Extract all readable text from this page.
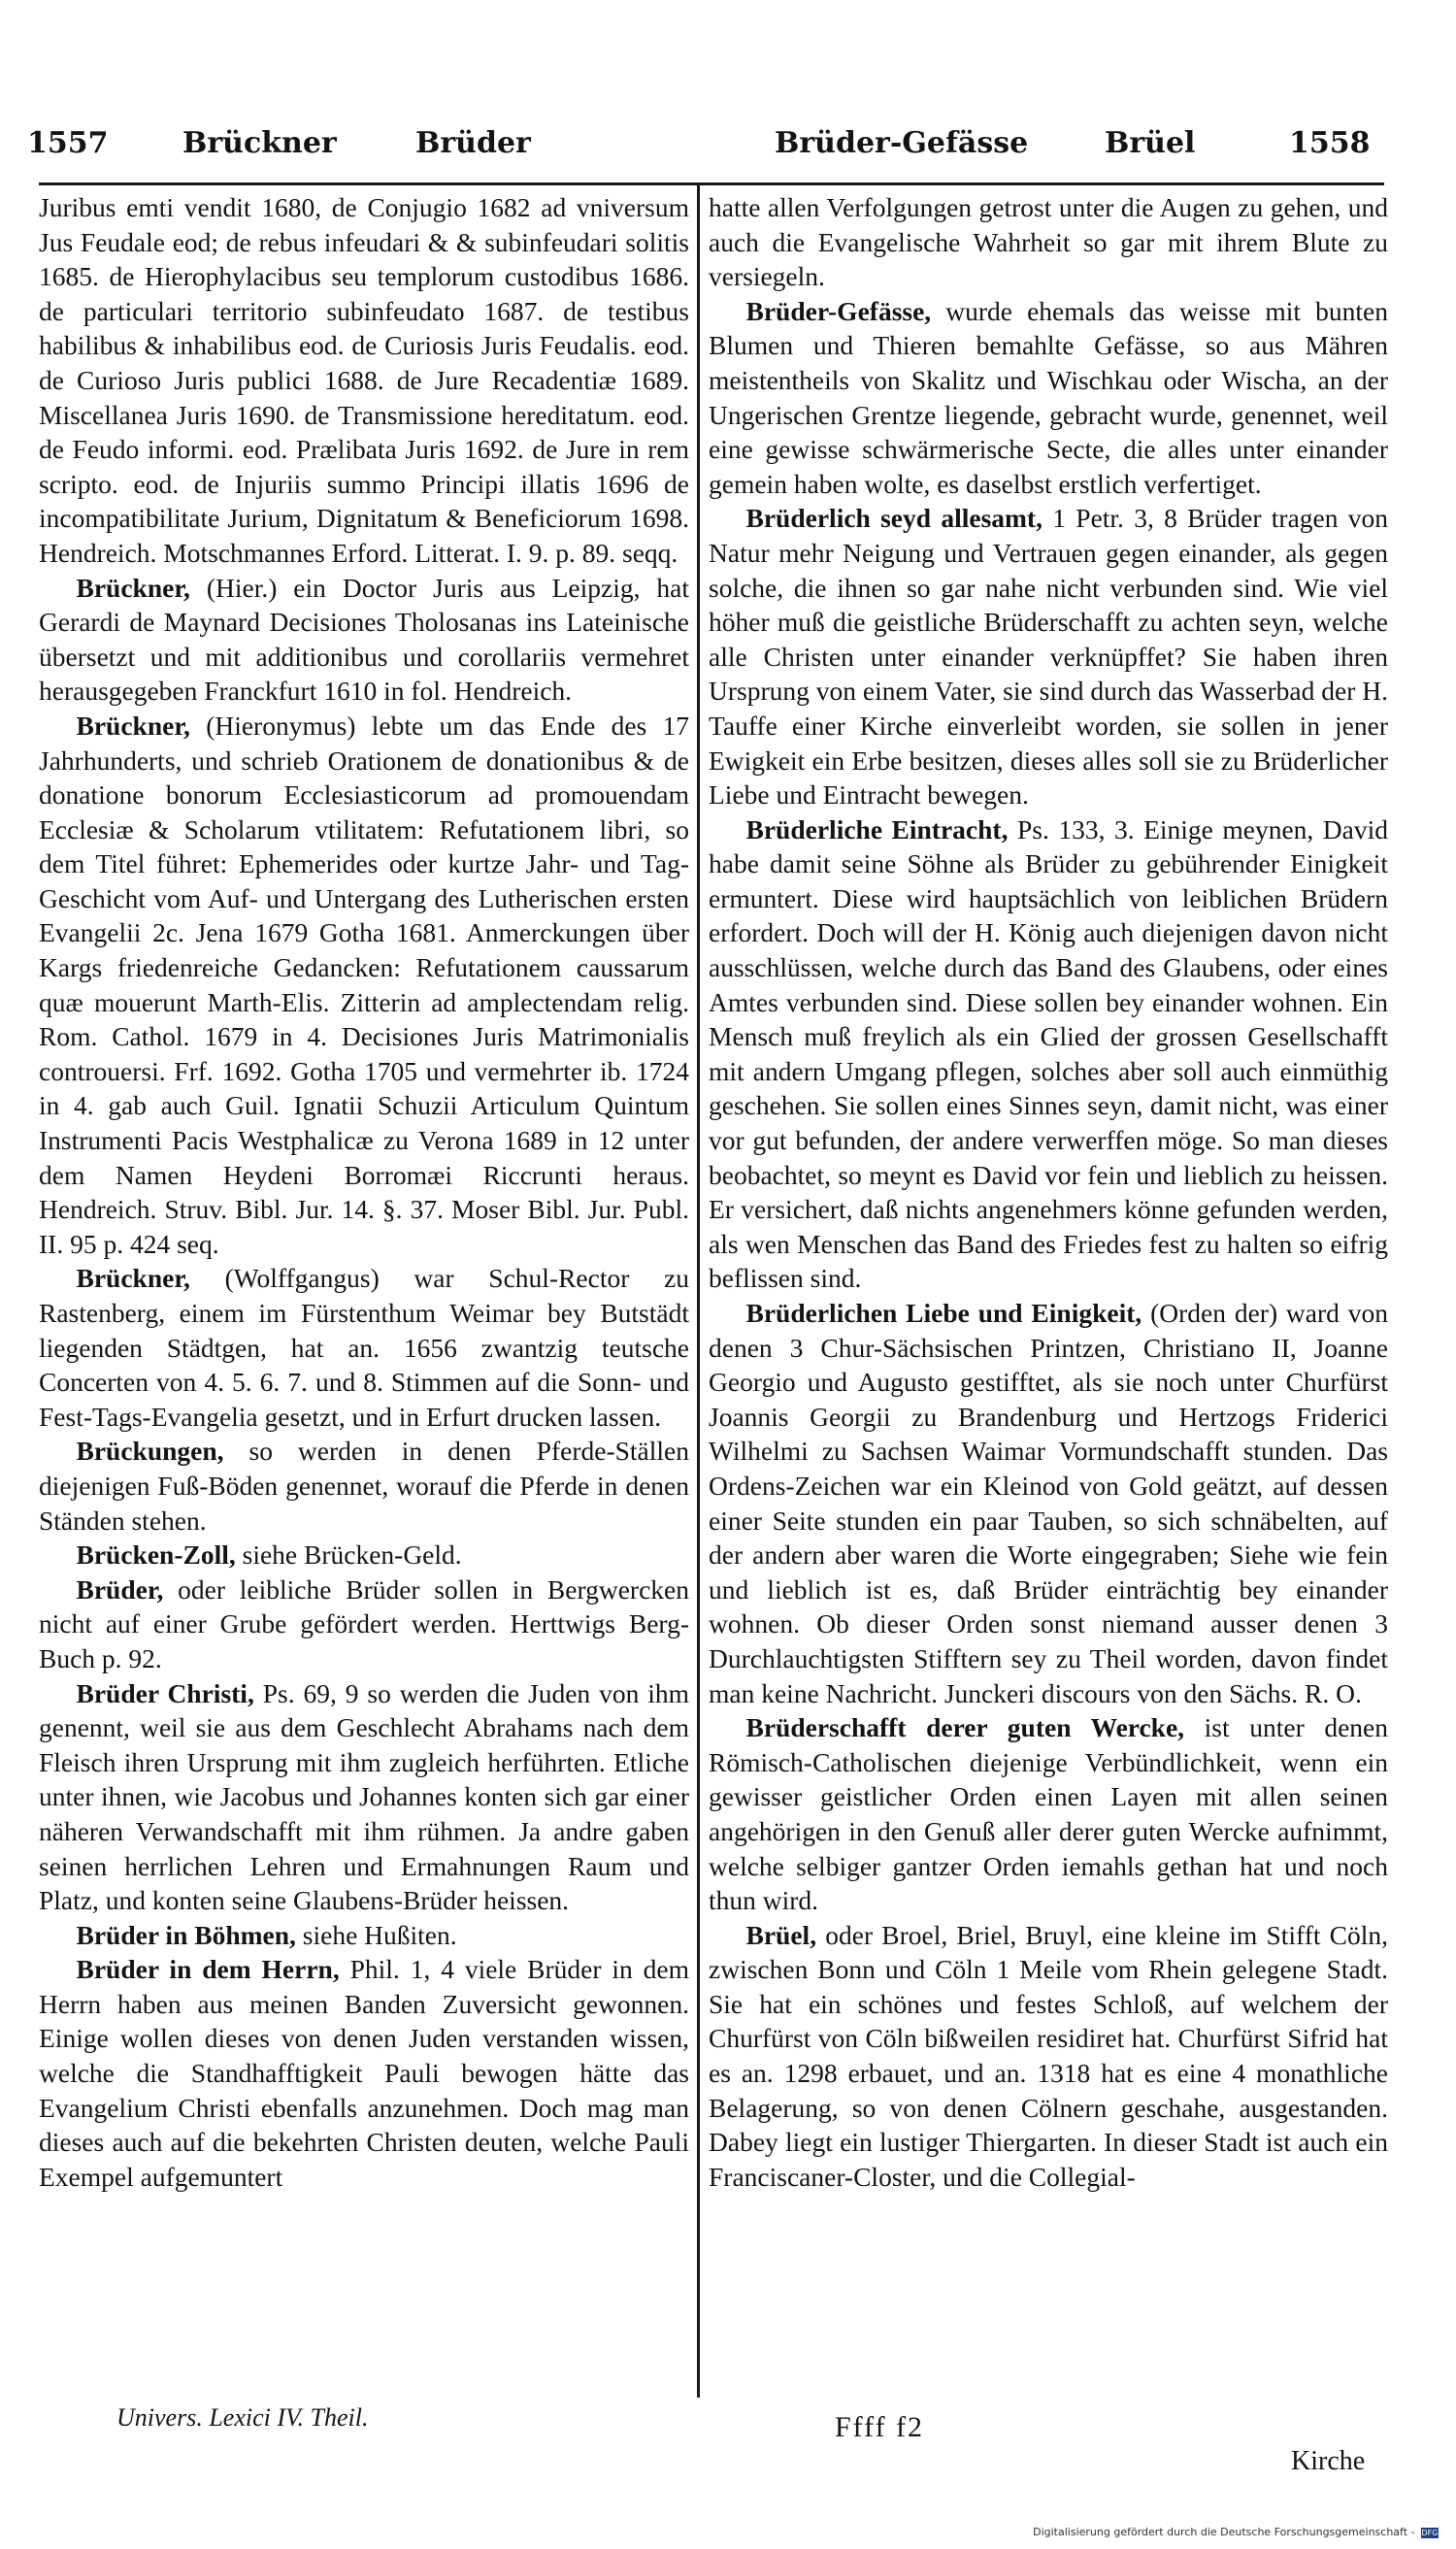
1557	Brückner	Brüder	Brüder-Gefässe	Brüel	1558

Juribus emti vendit 1680, de Conjugio 1682 ad vniversum Jus Feudale eod; de rebus infeudari & & subinfeudari solitis 1685. de Hierophylacibus seu templorum custodibus 1686. de particulari territorio subinfeudato 1687. de testibus habilibus & inhabilibus eod. de Curiosis Juris Feudalis. eod. de Curioso Juris publici 1688. de Jure Recadentiæ 1689. Miscellanea Juris 1690. de Transmissione hereditatum. eod. de Feudo informi. eod. Prælibata Juris 1692. de Jure in rem scripto. eod. de Injuriis summo Principi illatis 1696 de incompatibilitate Jurium, Dignitatum & Beneficiorum 1698. Hendreich. Motschmannes Erford. Litterat. I. 9. p. 89. seqq.

Brückner, (Hier.) ein Doctor Juris aus Leipzig, hat Gerardi de Maynard Decisiones Tholosanas ins Lateinische übersetzt und mit additionibus und corollariis vermehret herausgegeben Franckfurt 1610 in fol. Hendreich.

Brückner, (Hieronymus) lebte um das Ende des 17 Jahrhunderts, und schrieb Orationem de donationibus & de donatione bonorum Ecclesiasticorum ad promouendam Ecclesiæ & Scholarum vtilitatem: Refutationem libri, so dem Titel führet: Ephemerides oder kurtze Jahr- und Tag-Geschicht vom Auf- und Untergang des Lutherischen ersten Evangelii 2c. Jena 1679 Gotha 1681. Anmerckungen über Kargs friedenreiche Gedancken: Refutationem caussarum quæ mouerunt Marth-Elis. Zitterin ad amplectendam relig. Rom. Cathol. 1679 in 4. Decisiones Juris Matrimonialis controuersi. Frf. 1692. Gotha 1705 und vermehrter ib. 1724 in 4. gab auch Guil. Ignatii Schuzii Articulum Quintum Instrumenti Pacis Westphalicæ zu Verona 1689 in 12 unter dem Namen Heydeni Borromæi Riccrunti heraus. Hendreich. Struv. Bibl. Jur. 14. §. 37. Moser Bibl. Jur. Publ. II. 95 p. 424 seq.

Brückner, (Wolffgangus) war Schul-Rector zu Rastenberg, einem im Fürstenthum Weimar bey Butstädt liegenden Städtgen, hat an. 1656 zwantzig teutsche Concerten von 4. 5. 6. 7. und 8. Stimmen auf die Sonn- und Fest-Tags-Evangelia gesetzt, und in Erfurt drucken lassen.

Brückungen, so werden in denen Pferde-Ställen diejenigen Fuß-Böden genennet, worauf die Pferde in denen Ständen stehen.

Brücken-Zoll, siehe Brücken-Geld.

Brüder, oder leibliche Brüder sollen in Bergwercken nicht auf einer Grube gefördert werden. Herttwigs Berg-Buch p. 92.

Brüder Christi, Ps. 69, 9 so werden die Juden von ihm genennt, weil sie aus dem Geschlecht Abrahams nach dem Fleisch ihren Ursprung mit ihm zugleich herführten. Etliche unter ihnen, wie Jacobus und Johannes konten sich gar einer näheren Verwandschafft mit ihm rühmen. Ja andre gaben seinen herrlichen Lehren und Ermahnungen Raum und Platz, und konten seine Glaubens-Brüder heissen.

Brüder in Böhmen, siehe Hußiten.

Brüder in dem Herrn, Phil. 1, 4 viele Brüder in dem Herrn haben aus meinen Banden Zuversicht gewonnen. Einige wollen dieses von denen Juden verstanden wissen, welche die Standhafftigkeit Pauli bewogen hätte das Evangelium Christi ebenfalls anzunehmen. Doch mag man dieses auch auf die bekehrten Christen deuten, welche Pauli Exempel aufgemuntert

hatte allen Verfolgungen getrost unter die Augen zu gehen, und auch die Evangelische Wahrheit so gar mit ihrem Blute zu versiegeln.

Brüder-Gefässe, wurde ehemals das weisse mit bunten Blumen und Thieren bemahlte Gefässe, so aus Mähren meistentheils von Skalitz und Wischkau oder Wischa, an der Ungerischen Grentze liegende, gebracht wurde, genennet, weil eine gewisse schwärmerische Secte, die alles unter einander gemein haben wolte, es daselbst erstlich verfertiget.

Brüderlich seyd allesamt, 1 Petr. 3, 8 Brüder tragen von Natur mehr Neigung und Vertrauen gegen einander, als gegen solche, die ihnen so gar nahe nicht verbunden sind. Wie viel höher muß die geistliche Brüderschafft zu achten seyn, welche alle Christen unter einander verknüpffet? Sie haben ihren Ursprung von einem Vater, sie sind durch das Wasserbad der H. Tauffe einer Kirche einverleibt worden, sie sollen in jener Ewigkeit ein Erbe besitzen, dieses alles soll sie zu Brüderlicher Liebe und Eintracht bewegen.

Brüderliche Eintracht, Ps. 133, 3. Einige meynen, David habe damit seine Söhne als Brüder zu gebührender Einigkeit ermuntert. Diese wird hauptsächlich von leiblichen Brüdern erfordert. Doch will der H. König auch diejenigen davon nicht ausschlüssen, welche durch das Band des Glaubens, oder eines Amtes verbunden sind. Diese sollen bey einander wohnen. Ein Mensch muß freylich als ein Glied der grossen Gesellschafft mit andern Umgang pflegen, solches aber soll auch einmüthig geschehen. Sie sollen eines Sinnes seyn, damit nicht, was einer vor gut befunden, der andere verwerffen möge. So man dieses beobachtet, so meynt es David vor fein und lieblich zu heissen. Er versichert, daß nichts angenehmers könne gefunden werden, als wen Menschen das Band des Friedes fest zu halten so eifrig beflissen sind.

Brüderlichen Liebe und Einigkeit, (Orden der) ward von denen 3 Chur-Sächsischen Printzen, Christiano II, Joanne Georgio und Augusto gestifftet, als sie noch unter Churfürst Joannis Georgii zu Brandenburg und Hertzogs Friderici Wilhelmi zu Sachsen Waimar Vormundschafft stunden. Das Ordens-Zeichen war ein Kleinod von Gold geätzt, auf dessen einer Seite stunden ein paar Tauben, so sich schnäbelten, auf der andern aber waren die Worte eingegraben; Siehe wie fein und lieblich ist es, daß Brüder einträchtig bey einander wohnen. Ob dieser Orden sonst niemand ausser denen 3 Durchlauchtigsten Stifftern sey zu Theil worden, davon findet man keine Nachricht. Junckeri discours von den Sächs. R. O.

Brüderschafft derer guten Wercke, ist unter denen Römisch-Catholischen diejenige Verbündlichkeit, wenn ein gewisser geistlicher Orden einen Layen mit allen seinen angehörigen in den Genuß aller derer guten Wercke aufnimmt, welche selbiger gantzer Orden iemahls gethan hat und noch thun wird.

Brüel, oder Broel, Briel, Bruyl, eine kleine im Stifft Cöln, zwischen Bonn und Cöln 1 Meile vom Rhein gelegene Stadt. Sie hat ein schönes und festes Schloß, auf welchem der Churfürst von Cöln bißweilen residiret hat. Churfürst Sifrid hat es an. 1298 erbauet, und an. 1318 hat es eine 4 monathliche Belagerung, so von denen Cölnern geschahe, ausgestanden. Dabey liegt ein lustiger Thiergarten. In dieser Stadt ist auch ein Franciscaner-Closter, und die Collegial-

Univers. Lexici IV. Theil.	Ffff f2
Kirche
Digitalisierung gefördert durch die Deutsche Forschungsgemeinschaft - DFG
